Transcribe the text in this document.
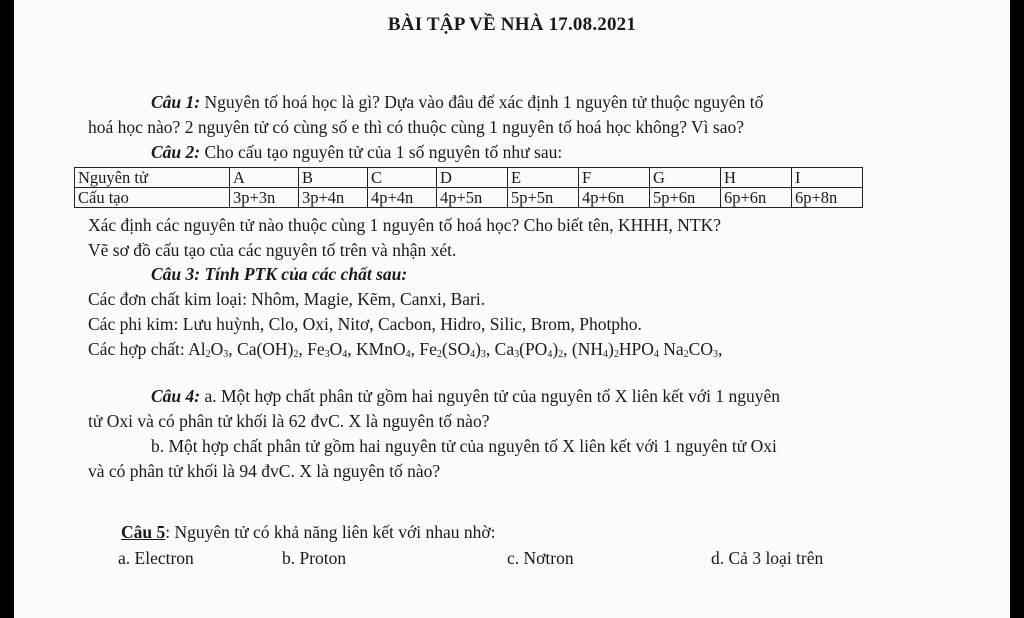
BÀI TẬP VỀ NHÀ 17.08.2021
Câu 1: Nguyên tố hoá học là gì? Dựa vào đâu để xác định 1 nguyên tử thuộc nguyên tố
hoá học nào? 2 nguyên tử có cùng số e thì có thuộc cùng 1 nguyên tố hoá học không? Vì sao?
Câu 2: Cho cấu tạo nguyên tử của 1 số nguyên tố như sau:
Nguyên tử	A	B	C	D	E	F	G	H	I
Cấu tạo	3p+3n	3p+4n	4p+4n	4p+5n	5p+5n	4p+6n	5p+6n	6p+6n	6p+8n
Xác định các nguyên tử nào thuộc cùng 1 nguyên tố hoá học? Cho biết tên, KHHH, NTK?
Vẽ sơ đồ cấu tạo của các nguyên tố trên và nhận xét.
Câu 3: Tính PTK của các chất sau:
Các đơn chất kim loại: Nhôm, Magie, Kẽm, Canxi, Bari.
Các phi kim: Lưu huỳnh, Clo, Oxi, Nitơ, Cacbon, Hidro, Silic, Brom, Photpho.
Các hợp chất: $Al_2O_3$, $Ca(OH)_2$, $Fe_3O_4$, KMnO$_4$, $Fe_2(SO_4)_3$, $Ca_3(PO_4)_2$, $(NH_4)_2HPO_4$ $Na_2CO_3$,
Câu 4: a. Một hợp chất phân tử gồm hai nguyên tử của nguyên tố X liên kết với 1 nguyên
tử Oxi và có phân tử khối là 62 đvC. X là nguyên tố nào?
b. Một hợp chất phân tử gồm hai nguyên tử của nguyên tố X liên kết với 1 nguyên tử Oxi
và có phân tử khối là 94 đvC. X là nguyên tố nào?
Câu 5: Nguyên tử có khả năng liên kết với nhau nhờ:
a. Electron	b. Proton	c. Nơtron	d. Cả 3 loại trên
